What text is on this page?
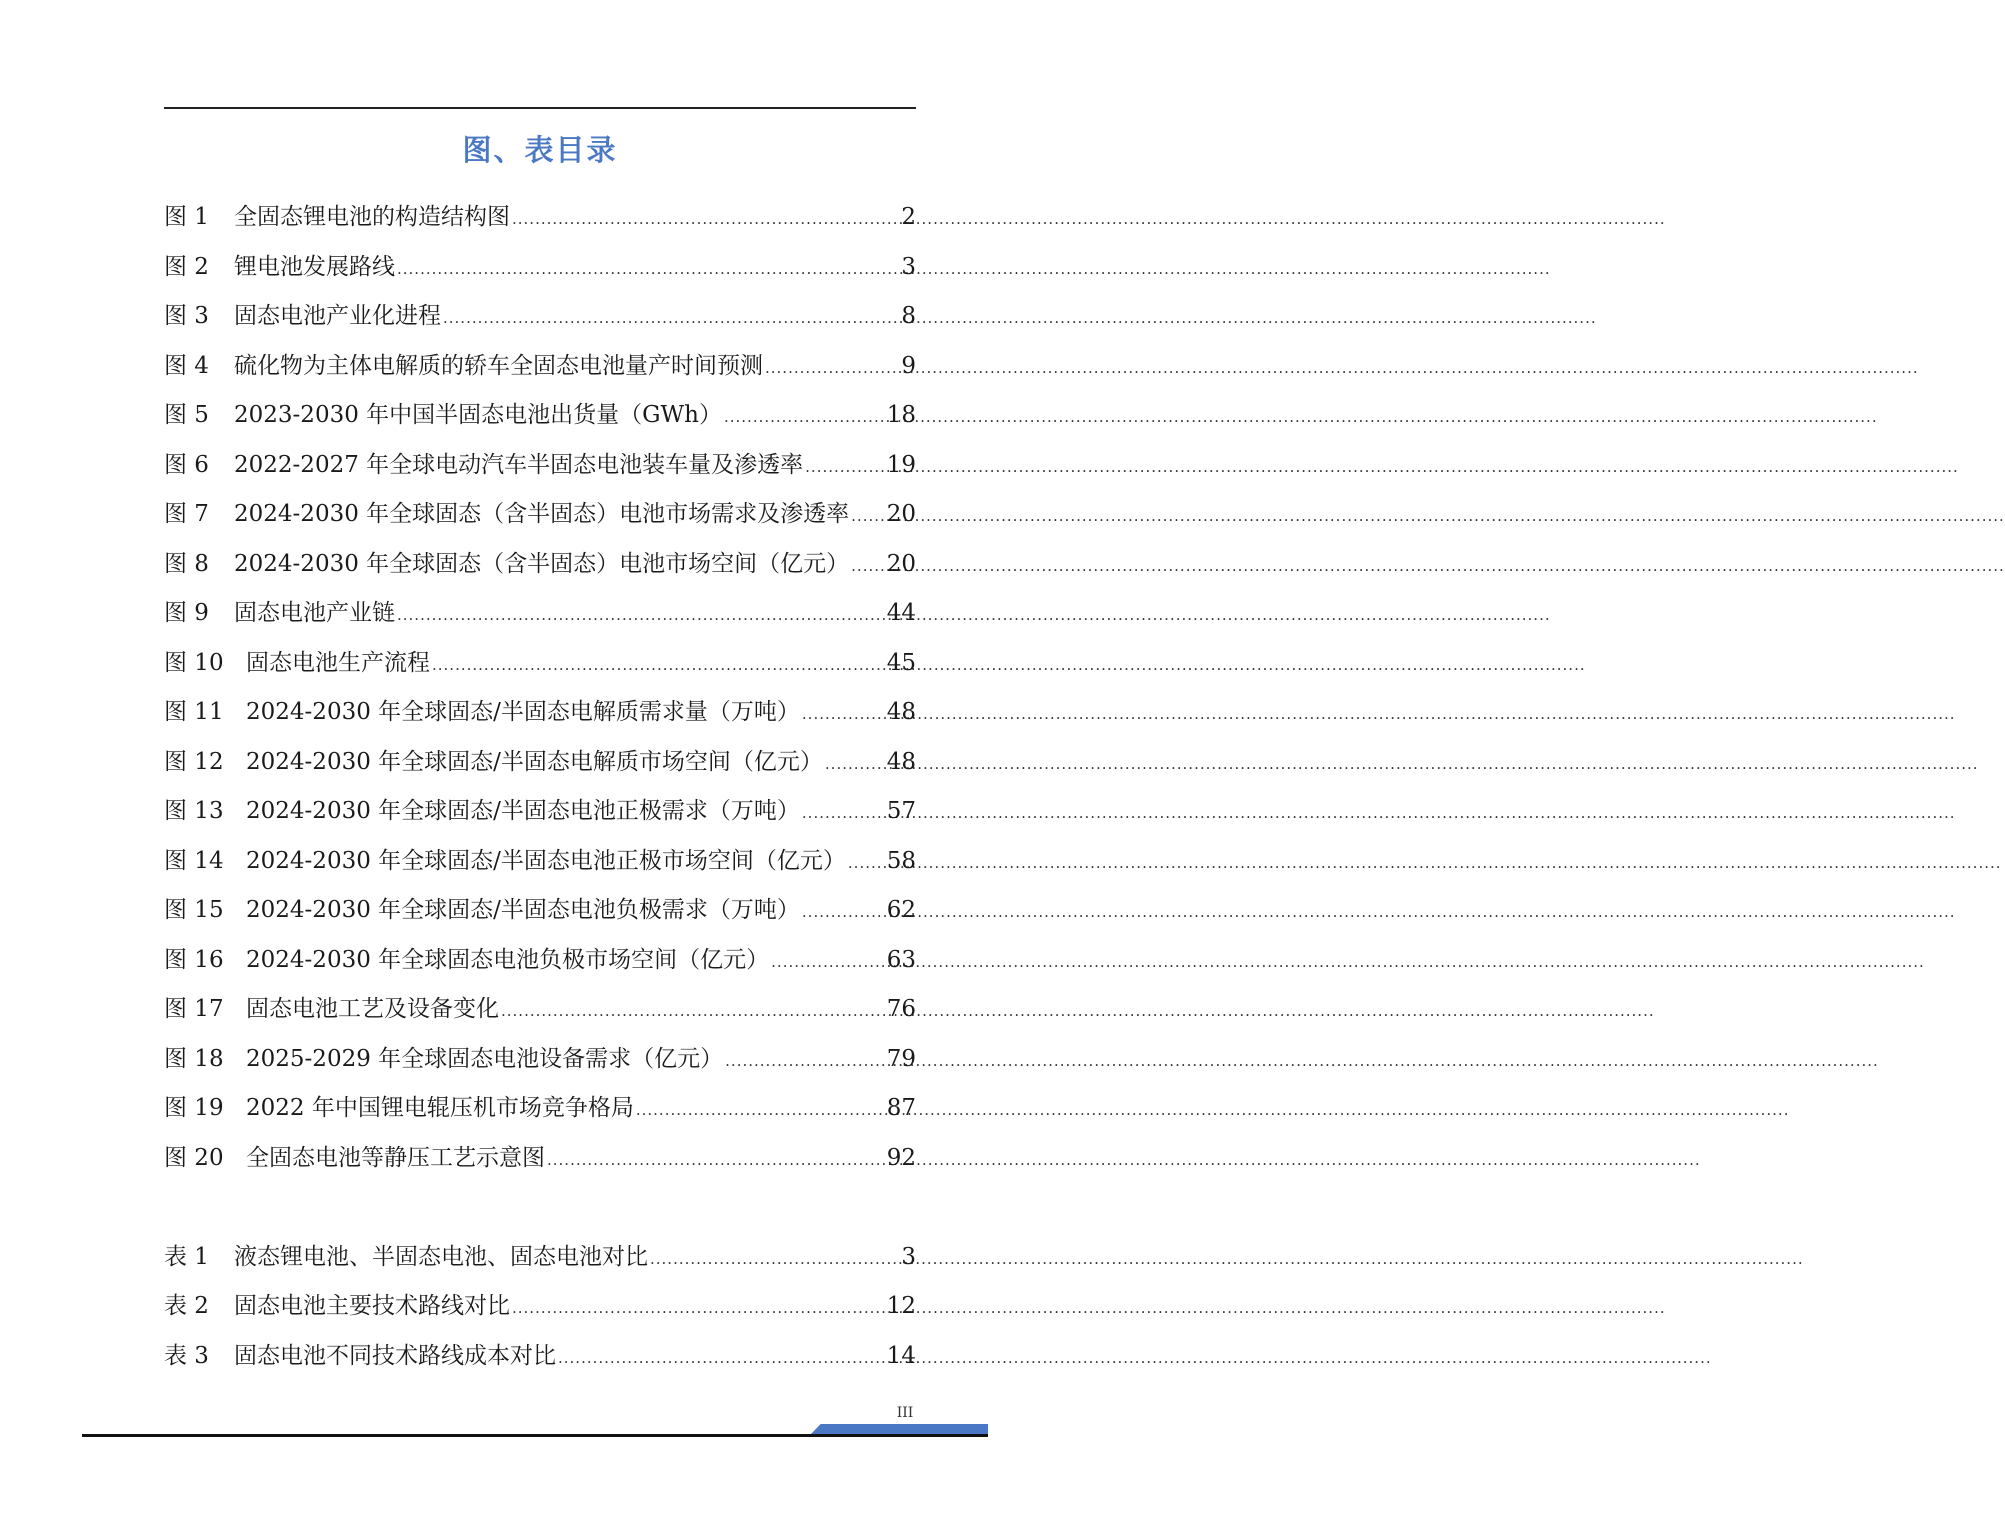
图、表目录
图 1	全固态锂电池的构造结构图 .....	2
图 2	锂电池发展路线 .....	3
图 3	固态电池产业化进程 .....	8
图 4	硫化物为主体电解质的轿车全固态电池量产时间预测 .....	9
图 5	2023-2030 年中国半固态电池出货量（GWh） .....	18
图 6	2022-2027 年全球电动汽车半固态电池装车量及渗透率 .....	19
图 7	2024-2030 年全球固态（含半固态）电池市场需求及渗透率 ..... 20
图 8	2024-2030 年全球固态（含半固态）电池市场空间（亿元） ..... 20
图 9	固态电池产业链 .....	44
图 10 固态电池生产流程 .....	45
图 11 2024-2030 年全球固态/半固态电解质需求量（万吨） .....	48
图 12 2024-2030 年全球固态/半固态电解质市场空间（亿元） .....	48
图 13 2024-2030 年全球固态/半固态电池正极需求（万吨） .....	57
图 14 2024-2030 年全球固态/半固态电池正极市场空间（亿元） ..... 58
图 15 2024-2030 年全球固态/半固态电池负极需求（万吨） .....	62
图 16 2024-2030 年全球固态电池负极市场空间（亿元） .....	63
图 17 固态电池工艺及设备变化 .....	76
图 18 2025-2029 年全球固态电池设备需求（亿元） .....	79
图 19 2022 年中国锂电辊压机市场竞争格局 .....	87
图 20 全固态电池等静压工艺示意图 .....	92
表 1	液态锂电池、半固态电池、固态电池对比 .....	3
表 2	固态电池主要技术路线对比 .....	12
表 3	固态电池不同技术路线成本对比 .....	14
III
